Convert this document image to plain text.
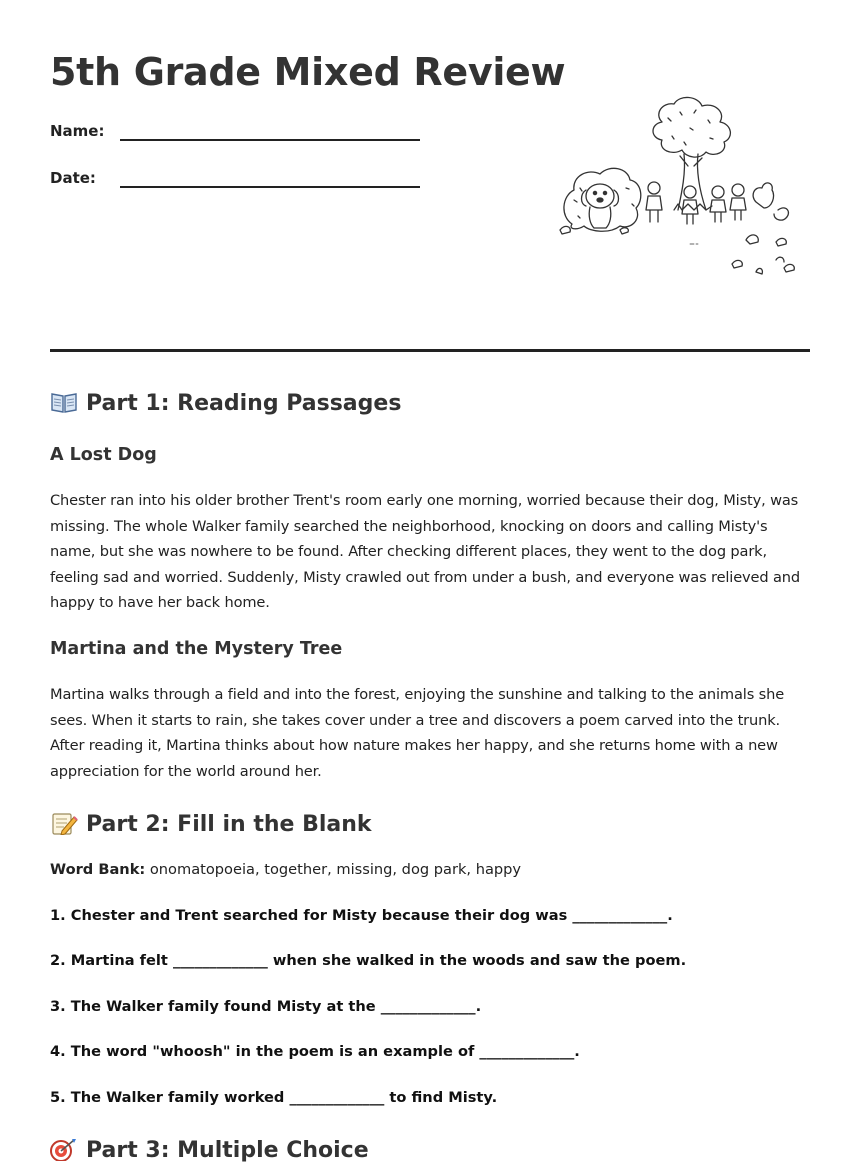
5th Grade Mixed Review
Name:
Date:
Part 1: Reading Passages
A Lost Dog

Chester ran into his older brother Trent's room early one morning, worried because their dog, Misty, was missing. The whole Walker family searched the neighborhood, knocking on doors and calling Misty's name, but she was nowhere to be found. After checking different places, they went to the dog park, feeling sad and worried. Suddenly, Misty crawled out from under a bush, and everyone was relieved and happy to have her back home.

Martina and the Mystery Tree

Martina walks through a field and into the forest, enjoying the sunshine and talking to the animals she sees. When it starts to rain, she takes cover under a tree and discovers a poem carved into the trunk. After reading it, Martina thinks about how nature makes her happy, and she returns home with a new appreciation for the world around her.

Part 2: Fill in the Blank
Word Bank: onomatopoeia, together, missing, dog park, happy
1. Chester and Trent searched for Misty because their dog was _____________.
2. Martina felt _____________ when she walked in the woods and saw the poem.
3. The Walker family found Misty at the _____________.
4. The word "whoosh" in the poem is an example of _____________.
5. The Walker family worked _____________ to find Misty.
Part 3: Multiple Choice
